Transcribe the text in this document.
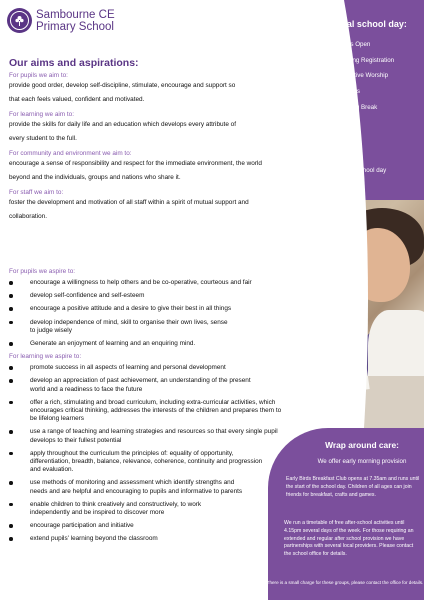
Sambourne CE
Primary School
Our aims and aspirations:
For pupils we aim to:
provide good order, develop self-discipline, stimulate, encourage and support so
that each feels valued, confident and motivated.
For learning we aim to:
provide the skills for daily life and an education which develops every attribute of
every student to the full.
For community and environment we aim to:
encourage a sense of responsibility and respect for the immediate environment, the world
beyond and the individuals, groups and nations who share it.
For staff we aim to:
foster the development and motivation of all staff within a spirit of mutual support and
collaboration.
For pupils we aspire to:
encourage a willingness to help others and be co-operative, courteous and fair
develop self-confidence and self-esteem
encourage a positive attitude and a desire to give their best in all things
develop independence of mind, skill to organise their own lives, sense to judge wisely
Generate an enjoyment of learning and an enquiring mind.
For learning we aspire to:
promote success in all aspects of learning and personal development
develop an appreciation of past achievement, an understanding of the present world and a readiness to face the future
offer a rich, stimulating and broad curriculum, including extra-curricular activities, which encourages critical thinking, addresses the interests of the children and prepares them to be lifelong learners
use a range of teaching and learning strategies and resources so that every single pupil develops to their fullest potential
apply throughout the curriculum the principles of: equality of opportunity, differentiation, breadth, balance, relevance, coherence, continuity and progression and evaluation.
use methods of monitoring and assessment which identify strengths and needs and are helpful and encouraging to pupils and informative to parents
enable children to think creatively and constructively, to work independently and be inspired to discover more
encourage participation and initiative
extend pupils' learning beyond the classroom
A typical school day:
08:35 - Gates Open
08:45 - Morning Registration
09:00 - Collective Worship
09:20 - Lessons
10:45 - Morning Break
11:00 - Lessons
12:00 - Lunch
13:00 - Lessons
15:15 - End of school day
Wrap around care:
We offer early morning provision
Early Birds Breakfast Club opens at 7.35am and runs until the start of the school day. Children of all ages can join friends for breakfast, crafts and games.
We run a timetable of free after-school activities until 4.15pm several days of the week. For those requiring an extended and regular after school provision we have partnerships with several local providers. Please contact the school office for details.
There is a small charge for these groups, please contact the office for details.
